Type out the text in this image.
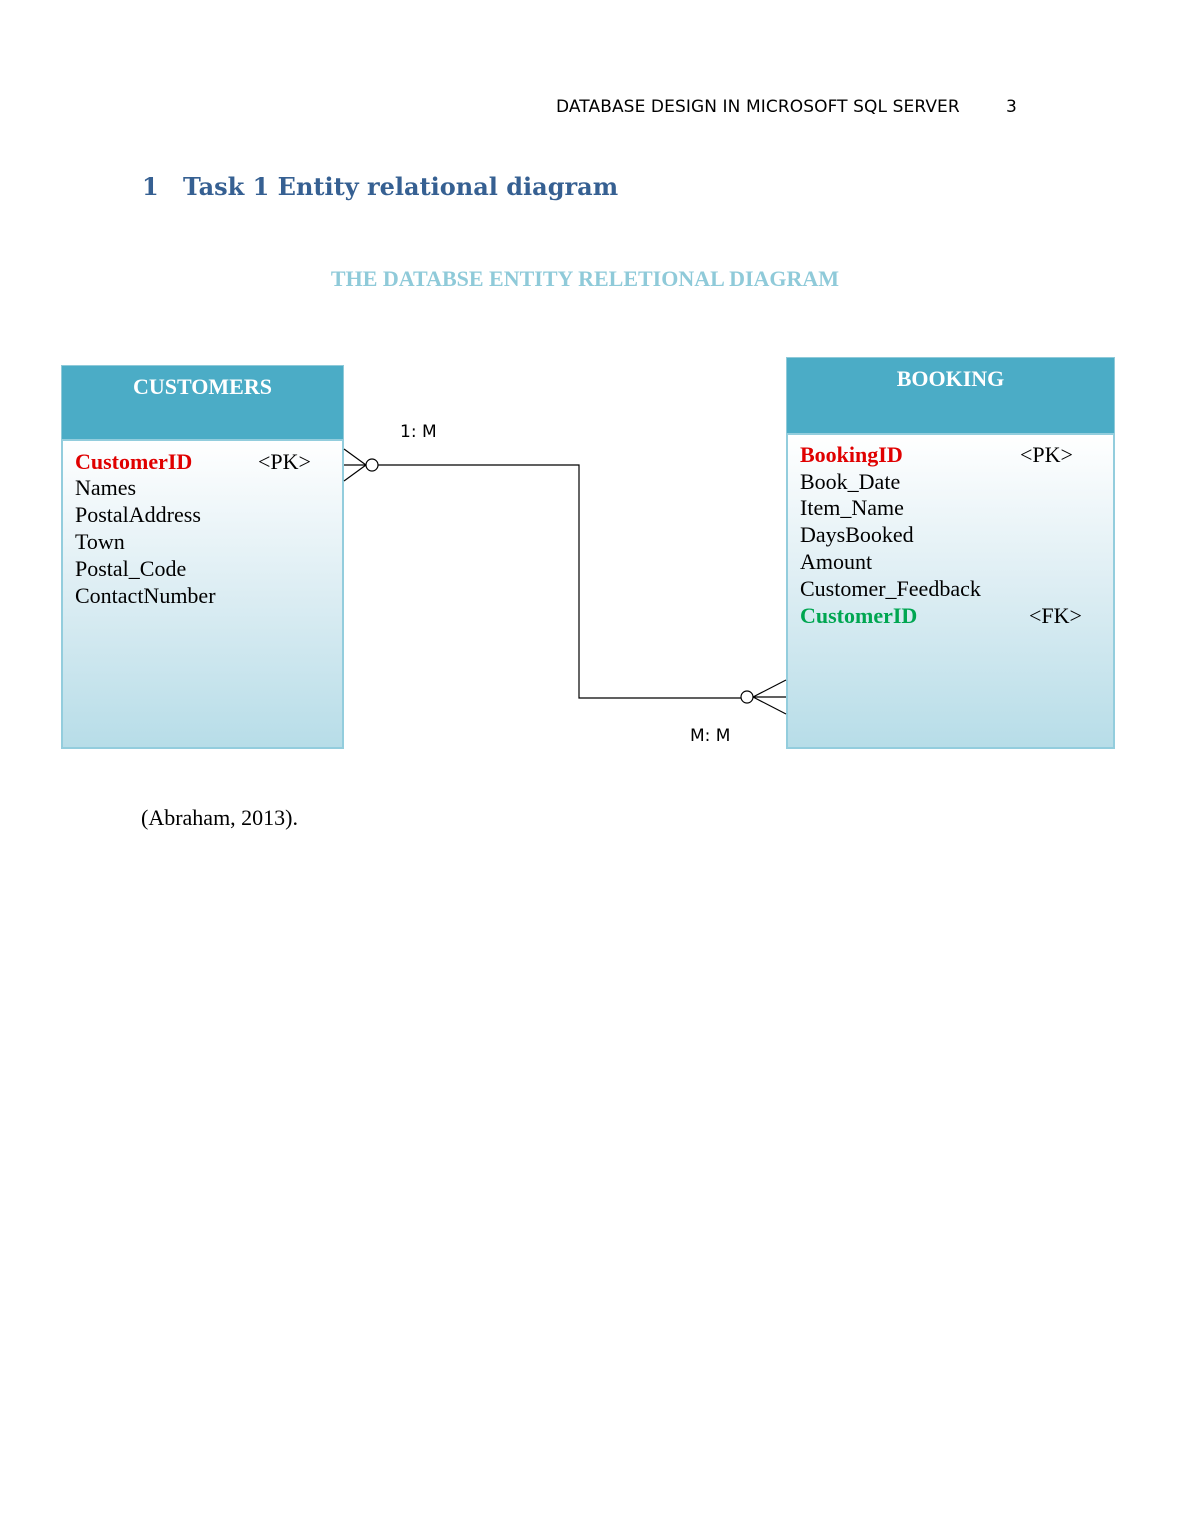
DATABASE DESIGN IN MICROSOFT SQL SERVER	3
1 Task 1 Entity relational diagram
THE DATABSE ENTITY RELETIONAL DIAGRAM
CUSTOMERS
CustomerID	<PK>
Names
PostalAddress
Town
Postal_Code
ContactNumber
BOOKING
BookingID	<PK>
Book_Date
Item_Name
DaysBooked
Amount
Customer_Feedback
CustomerID	<FK>
1: M
M: M
(Abraham, 2013).
